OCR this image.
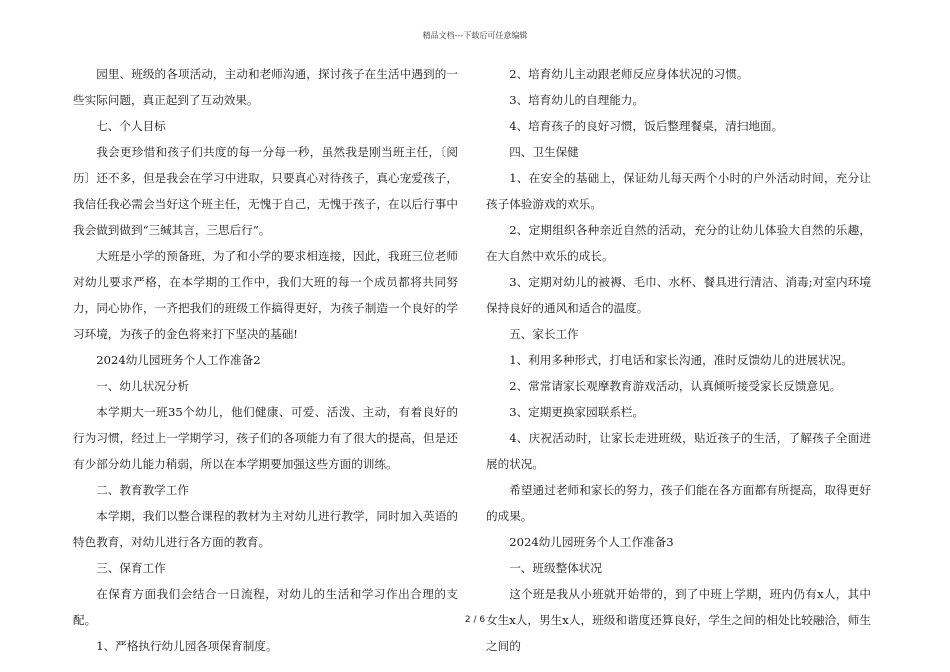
精品文档---下载后可任意编辑

园里、班级的各项活动，主动和老师沟通，探讨孩子在生活中遇到的一些实际问题，真正起到了互动效果。

七、个人目标

我会更珍惜和孩子们共度的每一分每一秒，虽然我是刚当班主任，〔阅历〕还不多，但是我会在学习中进取，只要真心对待孩子，真心宠爱孩子，我信任我必需会当好这个班主任，无愧于自己，无愧于孩子，在以后行事中我会做到做到“三缄其言，三思后行”。

大班是小学的预备班，为了和小学的要求相连接，因此，我班三位老师对幼儿要求严格，在本学期的工作中，我们大班的每一个成员都将共同努力，同心协作，一齐把我们的班级工作搞得更好，为孩子制造一个良好的学习环境，为孩子的金色将来打下坚决的基础!

2024幼儿园班务个人工作准备2

一、幼儿状况分析

本学期大一班35个幼儿，他们健康、可爱、活泼、主动，有着良好的行为习惯，经过上一学期学习，孩子们的各项能力有了很大的提高，但是还有少部分幼儿能力稍弱，所以在本学期要加强这些方面的训练。

二、教育教学工作

本学期，我们以整合课程的教材为主对幼儿进行教学，同时加入英语的特色教育，对幼儿进行各方面的教育。

三、保育工作

在保育方面我们会结合一日流程，对幼儿的生活和学习作出合理的支配。

1、严格执行幼儿园各项保育制度。

2、培育幼儿主动跟老师反应身体状况的习惯。

3、培育幼儿的自理能力。

4、培育孩子的良好习惯，饭后整理餐桌，清扫地面。

四、卫生保健

1、在安全的基础上，保证幼儿每天两个小时的户外活动时间，充分让孩子体验游戏的欢乐。

2、定期组织各种亲近自然的活动，充分的让幼儿体验大自然的乐趣，在大自然中欢乐的成长。

3、定期对幼儿的被褥、毛巾、水杯、餐具进行清洁、消毒;对室内环境保持良好的通风和适合的温度。

五、家长工作

1、利用多种形式，打电话和家长沟通，准时反馈幼儿的进展状况。

2、常常请家长观摩教育游戏活动，认真倾听接受家长反馈意见。

3、定期更换家园联系栏。

4、庆祝活动时，让家长走进班级，贴近孩子的生活，了解孩子全面进展的状况。

希望通过老师和家长的努力，孩子们能在各方面都有所提高，取得更好的成果。

2024幼儿园班务个人工作准备3

一、班级整体状况

这个班是我从小班就开始带的，到了中班上学期，班内仍有x人，其中女生x人，男生x人，班级和谐度还算良好，学生之间的相处比较融洽，师生之间的

2 / 6
